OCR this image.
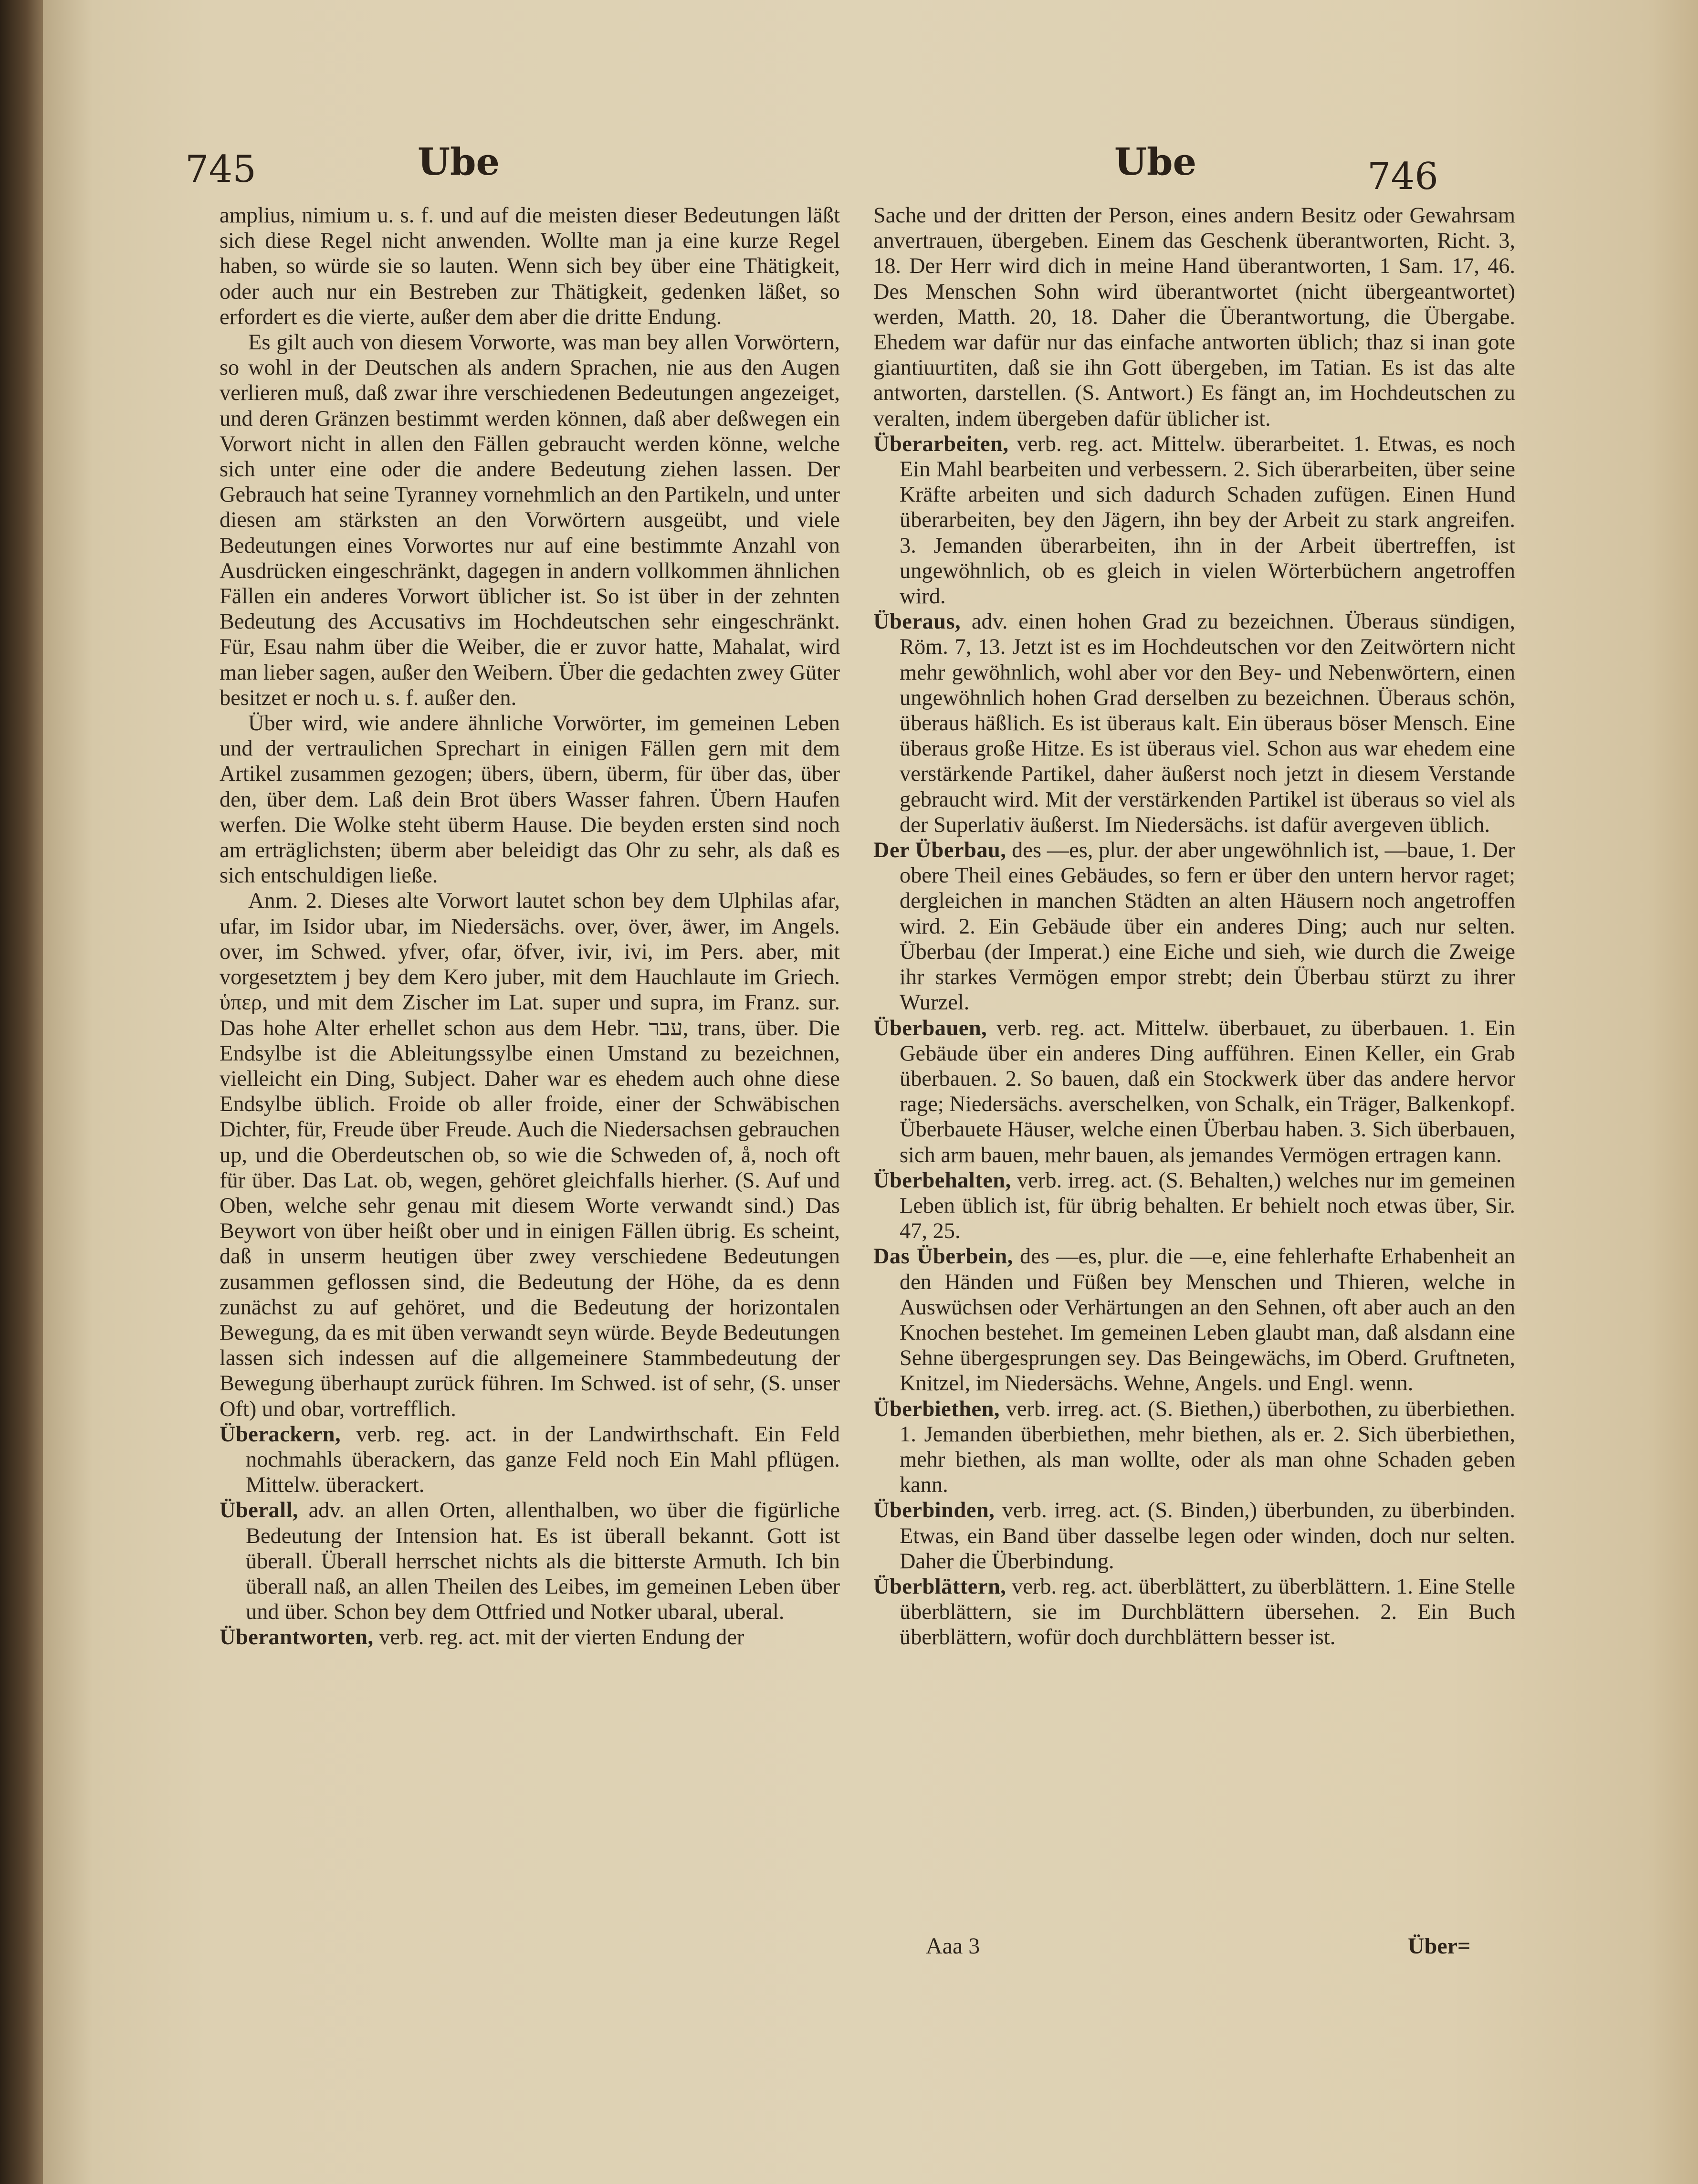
745	Ube	Ube	746

amplius, nimium u. s. f. und auf die meisten dieser Bedeutungen läßt sich diese Regel nicht anwenden. Wollte man ja eine kurze Regel haben, so würde sie so lauten. Wenn sich bey über eine Thätigkeit, oder auch nur ein Bestreben zur Thätigkeit, gedenken läßet, so erfordert es die vierte, außer dem aber die dritte Endung.

Es gilt auch von diesem Vorworte, was man bey allen Vorwörtern, so wohl in der Deutschen als andern Sprachen, nie aus den Augen verlieren muß, daß zwar ihre verschiedenen Bedeutungen angezeiget, und deren Gränzen bestimmt werden können, daß aber deßwegen ein Vorwort nicht in allen den Fällen gebraucht werden könne, welche sich unter eine oder die andere Bedeutung ziehen lassen. Der Gebrauch hat seine Tyranney vornehmlich an den Partikeln, und unter diesen am stärksten an den Vorwörtern ausgeübt, und viele Bedeutungen eines Vorwortes nur auf eine bestimmte Anzahl von Ausdrücken eingeschränkt, dagegen in andern vollkommen ähnlichen Fällen ein anderes Vorwort üblicher ist. So ist über in der zehnten Bedeutung des Accusativs im Hochdeutschen sehr eingeschränkt. Für, Esau nahm über die Weiber, die er zuvor hatte, Mahalat, wird man lieber sagen, außer den Weibern. Über die gedachten zwey Güter besitzet er noch u. s. f. außer den.

Über wird, wie andere ähnliche Vorwörter, im gemeinen Leben und der vertraulichen Sprechart in einigen Fällen gern mit dem Artikel zusammen gezogen; übers, übern, überm, für über das, über den, über dem. Laß dein Brot übers Wasser fahren. Übern Haufen werfen. Die Wolke steht überm Hause. Die beyden ersten sind noch am erträglichsten; überm aber beleidigt das Ohr zu sehr, als daß es sich entschuldigen ließe.

Anm. 2. Dieses alte Vorwort lautet schon bey dem Ulphilas afar, ufar, im Isidor ubar, im Niedersächs. over, över, äwer, im Angels. over, im Schwed. yfver, ofar, öfver, ivir, ivi, im Pers. aber, mit vorgesetztem j bey dem Kero juber, mit dem Hauchlaute im Griech. ὑπερ, und mit dem Zischer im Lat. super und supra, im Franz. sur. Das hohe Alter erhellet schon aus dem Hebr. עבר, trans, über. Die Endsylbe ist die Ableitungssylbe einen Umstand zu bezeichnen, vielleicht ein Ding, Subject. Daher war es ehedem auch ohne diese Endsylbe üblich. Froide ob aller froide, einer der Schwäbischen Dichter, für, Freude über Freude. Auch die Niedersachsen gebrauchen up, und die Oberdeutschen ob, so wie die Schweden of, å, noch oft für über. Das Lat. ob, wegen, gehöret gleichfalls hierher. (S. Auf und Oben, welche sehr genau mit diesem Worte verwandt sind.) Das Beywort von über heißt ober und in einigen Fällen übrig. Es scheint, daß in unserm heutigen über zwey verschiedene Bedeutungen zusammen geflossen sind, die Bedeutung der Höhe, da es denn zunächst zu auf gehöret, und die Bedeutung der horizontalen Bewegung, da es mit üben verwandt seyn würde. Beyde Bedeutungen lassen sich indessen auf die allgemeinere Stammbedeutung der Bewegung überhaupt zurück führen. Im Schwed. ist of sehr, (S. unser Oft) und obar, vortrefflich.

Überackern, verb. reg. act. in der Landwirthschaft. Ein Feld nochmahls überackern, das ganze Feld noch Ein Mahl pflügen. Mittelw. überackert.

Überall, adv. an allen Orten, allenthalben, wo über die figürliche Bedeutung der Intension hat. Es ist überall bekannt. Gott ist überall. Überall herrschet nichts als die bitterste Armuth. Ich bin überall naß, an allen Theilen des Leibes, im gemeinen Leben über und über. Schon bey dem Ottfried und Notker ubaral, uberal.

Überantworten, verb. reg. act. mit der vierten Endung der

Sache und der dritten der Person, eines andern Besitz oder Gewahrsam anvertrauen, übergeben. Einem das Geschenk überantworten, Richt. 3, 18. Der Herr wird dich in meine Hand überantworten, 1 Sam. 17, 46. Des Menschen Sohn wird überantwortet (nicht übergeantwortet) werden, Matth. 20, 18. Daher die Überantwortung, die Übergabe. Ehedem war dafür nur das einfache antworten üblich; thaz si inan gote giantiuurtiten, daß sie ihn Gott übergeben, im Tatian. Es ist das alte antworten, darstellen. (S. Antwort.) Es fängt an, im Hochdeutschen zu veralten, indem übergeben dafür üblicher ist.

Überarbeiten, verb. reg. act. Mittelw. überarbeitet. 1. Etwas, es noch Ein Mahl bearbeiten und verbessern. 2. Sich überarbeiten, über seine Kräfte arbeiten und sich dadurch Schaden zufügen. Einen Hund überarbeiten, bey den Jägern, ihn bey der Arbeit zu stark angreifen. 3. Jemanden überarbeiten, ihn in der Arbeit übertreffen, ist ungewöhnlich, ob es gleich in vielen Wörterbüchern angetroffen wird.

Überaus, adv. einen hohen Grad zu bezeichnen. Überaus sündigen, Röm. 7, 13. Jetzt ist es im Hochdeutschen vor den Zeitwörtern nicht mehr gewöhnlich, wohl aber vor den Bey- und Nebenwörtern, einen ungewöhnlich hohen Grad derselben zu bezeichnen. Überaus schön, überaus häßlich. Es ist überaus kalt. Ein überaus böser Mensch. Eine überaus große Hitze. Es ist überaus viel. Schon aus war ehedem eine verstärkende Partikel, daher äußerst noch jetzt in diesem Verstande gebraucht wird. Mit der verstärkenden Partikel ist überaus so viel als der Superlativ äußerst. Im Niedersächs. ist dafür avergeven üblich.

Der Überbau, des —es, plur. der aber ungewöhnlich ist, —baue, 1. Der obere Theil eines Gebäudes, so fern er über den untern hervor raget; dergleichen in manchen Städten an alten Häusern noch angetroffen wird. 2. Ein Gebäude über ein anderes Ding; auch nur selten. Überbau (der Imperat.) eine Eiche und sieh, wie durch die Zweige ihr starkes Vermögen empor strebt; dein Überbau stürzt zu ihrer Wurzel.

Überbauen, verb. reg. act. Mittelw. überbauet, zu überbauen. 1. Ein Gebäude über ein anderes Ding aufführen. Einen Keller, ein Grab überbauen. 2. So bauen, daß ein Stockwerk über das andere hervor rage; Niedersächs. averschelken, von Schalk, ein Träger, Balkenkopf. Überbauete Häuser, welche einen Überbau haben. 3. Sich überbauen, sich arm bauen, mehr bauen, als jemandes Vermögen ertragen kann.

Überbehalten, verb. irreg. act. (S. Behalten,) welches nur im gemeinen Leben üblich ist, für übrig behalten. Er behielt noch etwas über, Sir. 47, 25.

Das Überbein, des —es, plur. die —e, eine fehlerhafte Erhabenheit an den Händen und Füßen bey Menschen und Thieren, welche in Auswüchsen oder Verhärtungen an den Sehnen, oft aber auch an den Knochen bestehet. Im gemeinen Leben glaubt man, daß alsdann eine Sehne übergesprungen sey. Das Beingewächs, im Oberd. Gruftneten, Knitzel, im Niedersächs. Wehne, Angels. und Engl. wenn.

Überbiethen, verb. irreg. act. (S. Biethen,) überbothen, zu überbiethen. 1. Jemanden überbiethen, mehr biethen, als er. 2. Sich überbiethen, mehr biethen, als man wollte, oder als man ohne Schaden geben kann.

Überbinden, verb. irreg. act. (S. Binden,) überbunden, zu überbinden. Etwas, ein Band über dasselbe legen oder winden, doch nur selten. Daher die Überbindung.

Überblättern, verb. reg. act. überblättert, zu überblättern. 1. Eine Stelle überblättern, sie im Durchblättern übersehen. 2. Ein Buch überblättern, wofür doch durchblättern besser ist.

Aaa 3	Über=
